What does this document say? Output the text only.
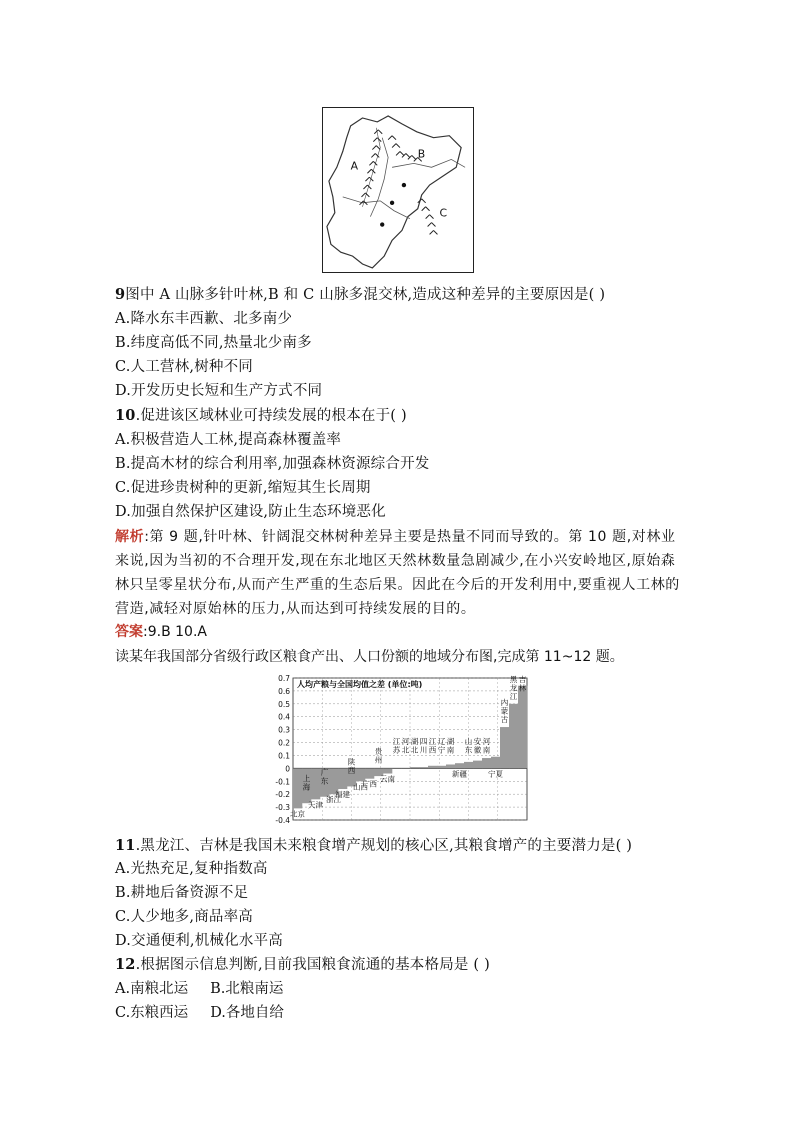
A
B
C
9图中 A 山脉多针叶林,B 和 C 山脉多混交林,造成这种差异的主要原因是( )
A.降水东丰西歉、北多南少
B.纬度高低不同,热量北少南多
C.人工营林,树种不同
D.开发历史长短和生产方式不同
10.促进该区域林业可持续发展的根本在于( )
A.积极营造人工林,提高森林覆盖率
B.提高木材的综合利用率,加强森林资源综合开发
C.促进珍贵树种的更新,缩短其生长周期
D.加强自然保护区建设,防止生态环境恶化
解析:第 9 题,针叶林、针阔混交林树种差异主要是热量不同而导致的。第 10 题,对林业来说,因为当初的不合理开发,现在东北地区天然林数量急剧减少,在小兴安岭地区,原始森林只呈零星状分布,从而产生严重的生态后果。因此在今后的开发利用中,要重视人工林的营造,减轻对原始林的压力,从而达到可持续发展的目的。
答案:9.B 10.A
读某年我国部分省级行政区粮食产出、人口份额的地域分布图,完成第 11~12 题。
0.7
0.6
0.5
0.4
0.3
0.2
0.1
0
-0.1
-0.2
-0.3
-0.4
人均产粮与全国均值之差 (单位:吨)
上
海
广
东
陕
西
贵
州
江
苏
河
北
湖
北
四
川
江
西
辽
宁
湖
南
山
东
安
徽
河
南
内
蒙
古
黑
龙
江
吉
林
北京
天津
浙江
福建
山西
广西
云南
新疆	宁夏
11.黑龙江、吉林是我国未来粮食增产规划的核心区,其粮食增产的主要潜力是( )
A.光热充足,复种指数高
B.耕地后备资源不足
C.人少地多,商品率高
D.交通便利,机械化水平高
12.根据图示信息判断,目前我国粮食流通的基本格局是 ( )
A.南粮北运 B.北粮南运
C.东粮西运 D.各地自给
